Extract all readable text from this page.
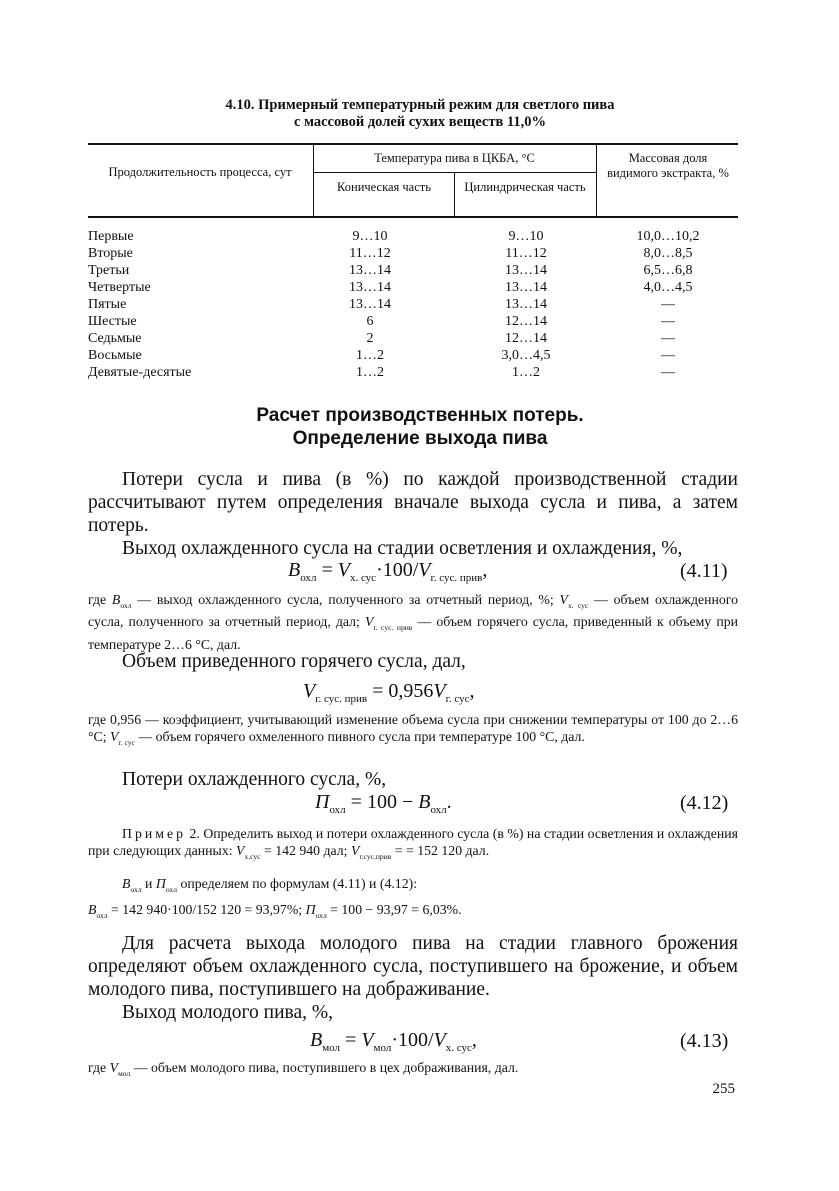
4.10. Примерный температурный режим для светлого пива
с массовой долей сухих веществ 11,0%
Продолжительность процесса, сут
Температура пива в ЦКБА, °С
Коническая часть	Цилиндрическая часть
Массовая доля видимого экстракта, %
Первые	9…10	9…10	10,0…10,2
Вторые	11…12	11…12	8,0…8,5
Третьи	13…14	13…14	6,5…6,8
Четвертые	13…14	13…14	4,0…4,5
Пятые	13…14	13…14	—
Шестые	6	12…14	—
Седьмые	2	12…14	—
Восьмые	1…2	3,0…4,5	—
Девятые-десятые	1…2	1…2	—
Расчет производственных потерь.
Определение выхода пива
Потери сусла и пива (в %) по каждой производственной стадии рассчитывают путем определения вначале выхода сусла и пива, а затем потерь.
Выход охлажденного сусла на стадии осветления и охлаждения, %,
$B_{охл} = V_{х. сус}\cdot 100/V_{г. сус. прив}$,	(4.11)
где $B_{охл}$ — выход охлажденного сусла, полученного за отчетный период, %; $V_{х. сус}$ — объем охлажденного сусла, полученного за отчетный период, дал; $V_{г. сус. прив}$ — объем горячего сусла, приведенный к объему при температуре 2…6 °С, дал.
Объем приведенного горячего сусла, дал,
$V_{г. сус. прив} = 0,956V_{г. сус}$,
где 0,956 — коэффициент, учитывающий изменение объема сусла при снижении температуры от 100 до 2…6 °С; $V_{г. сус}$ — объем горячего охмеленного пивного сусла при температуре 100 °С, дал.
Потери охлажденного сусла, %,
$П_{охл} = 100 - B_{охл}$.	(4.12)
Пример 2. Определить выход и потери охлажденного сусла (в %) на стадии осветления и охлаждения при следующих данных: $V_{х.сус} = 142$ 940 дал; $V_{г.сус.прив}$ = = 152 120 дал.
$B_{охл}$ и $П_{охл}$ определяем по формулам (4.11) и (4.12):
$B_{охл} = 142$ 940·100/152 120 = 93,97%; $П_{охл} = 100 - 93,97 = 6,03\%$.
Для расчета выхода молодого пива на стадии главного брожения определяют объем охлажденного сусла, поступившего на брожение, и объем молодого пива, поступившего на дображивание.
Выход молодого пива, %,
$B_{мол} = V_{мол}\cdot 100/V_{х. сус}$,	(4.13)
где $V_{мол}$ — объем молодого пива, поступившего в цех дображивания, дал.
255
